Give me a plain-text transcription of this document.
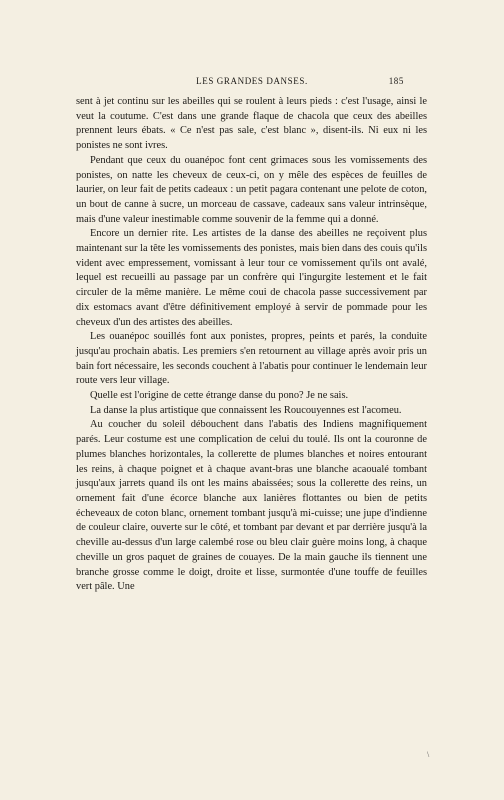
LES GRANDES DANSES.	185

sent à jet continu sur les abeilles qui se roulent à leurs pieds : c'est l'usage, ainsi le veut la coutume. C'est dans une grande flaque de chacola que ceux des abeilles prennent leurs ébats. « Ce n'est pas sale, c'est blanc », disent-ils. Ni eux ni les ponistes ne sont ivres.

Pendant que ceux du ouanépoc font cent grimaces sous les vomissements des ponistes, on natte les cheveux de ceux-ci, on y mêle des espèces de feuilles de laurier, on leur fait de petits cadeaux : un petit pagara contenant une pelote de coton, un bout de canne à sucre, un morceau de cassave, cadeaux sans valeur intrinsèque, mais d'une valeur inestimable comme souvenir de la femme qui a donné.

Encore un dernier rite. Les artistes de la danse des abeilles ne reçoivent plus maintenant sur la tête les vomissements des ponistes, mais bien dans des couis qu'ils vident avec empressement, vomissant à leur tour ce vomissement qu'ils ont avalé, lequel est recueilli au passage par un confrère qui l'ingurgite lestement et le fait circuler de la même manière. Le même coui de chacola passe successivement par dix estomacs avant d'être définitivement employé à servir de pommade pour les cheveux d'un des artistes des abeilles.

Les ouanépoc souillés font aux ponistes, propres, peints et parés, la conduite jusqu'au prochain abatis. Les premiers s'en retournent au village après avoir pris un bain fort nécessaire, les seconds couchent à l'abatis pour continuer le lendemain leur route vers leur village.

Quelle est l'origine de cette étrange danse du pono? Je ne sais.

La danse la plus artistique que connaissent les Roucouyennes est l'acomeu.

Au coucher du soleil débouchent dans l'abatis des Indiens magnifiquement parés. Leur costume est une complication de celui du toulé. Ils ont la couronne de plumes blanches horizontales, la collerette de plumes blanches et noires entourant les reins, à chaque poignet et à chaque avant-bras une blanche acaoualé tombant jusqu'aux jarrets quand ils ont les mains abaissées; sous la collerette des reins, un ornement fait d'une écorce blanche aux lanières flottantes ou bien de petits écheveaux de coton blanc, ornement tombant jusqu'à mi-cuisse; une jupe d'indienne de couleur claire, ouverte sur le côté, et tombant par devant et par derrière jusqu'à la cheville au-dessus d'un large calembé rose ou bleu clair guère moins long, à chaque cheville un gros paquet de graines de couayes. De la main gauche ils tiennent une branche grosse comme le doigt, droite et lisse, surmontée d'une touffe de feuilles vert pâle. Une

\
